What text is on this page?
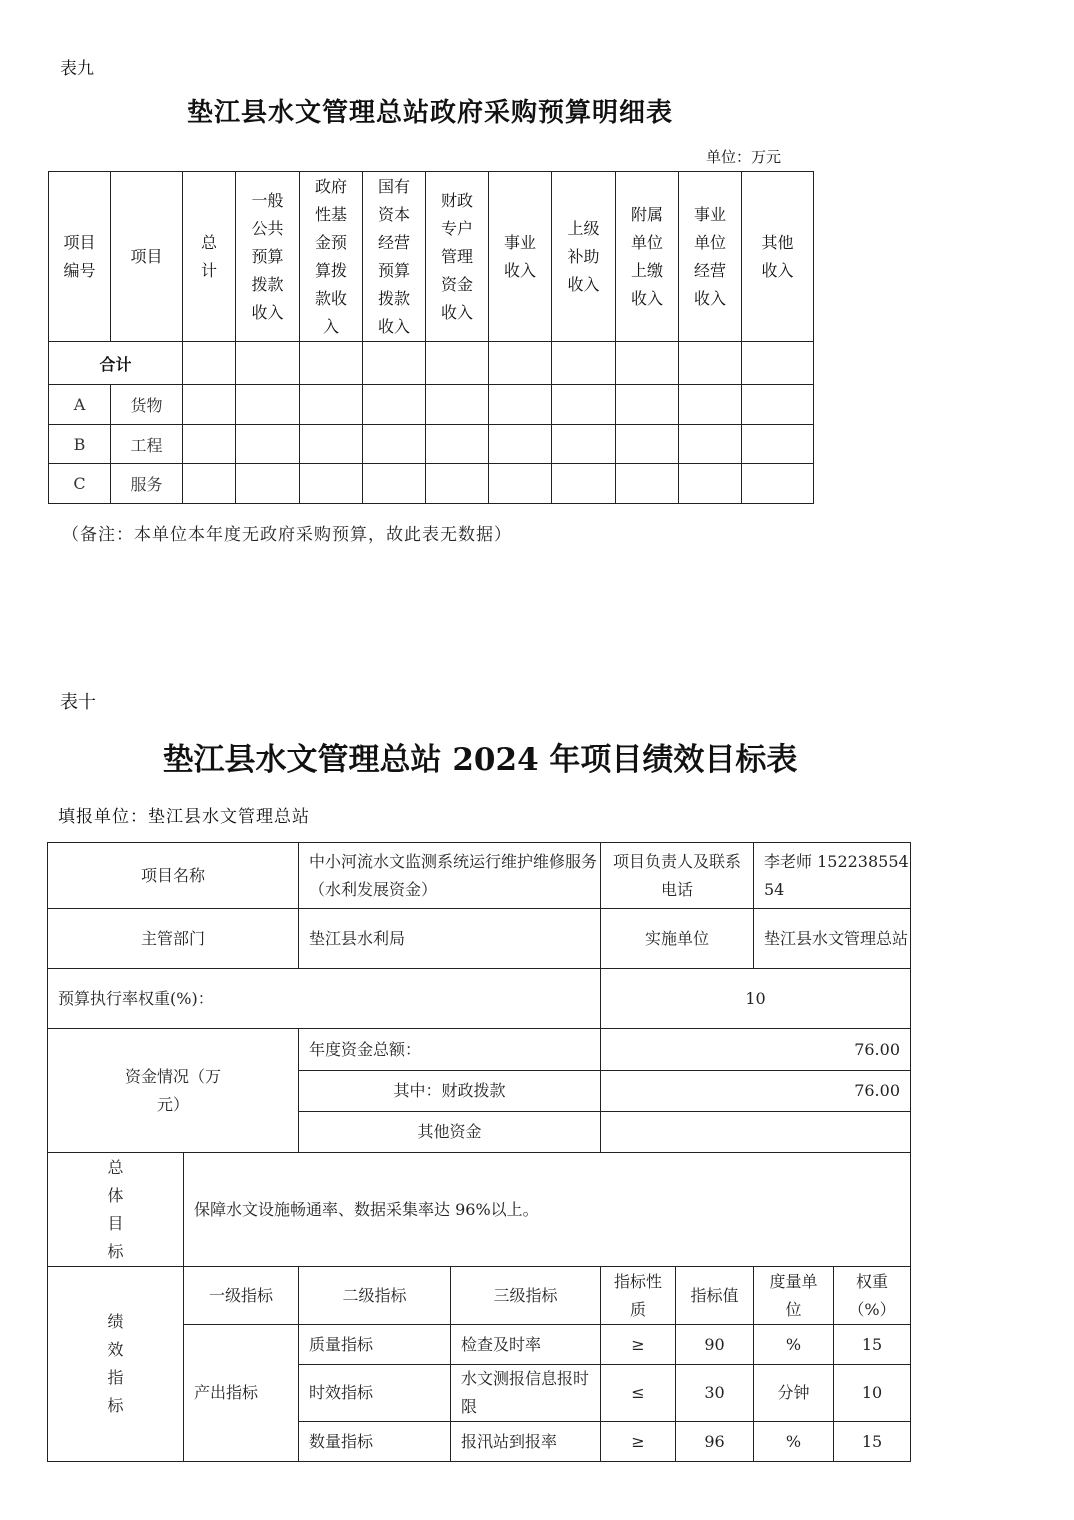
表九
垫江县水文管理总站政府采购预算明细表
单位：万元
项目编号	项目	总计	一般公共预算拨款收入	政府性基金预算拨款收入	国有资本经营预算拨款收入	财政专户管理资金收入	事业收入	上级补助收入	附属单位上缴收入	事业单位经营收入	其他收入
合计											
A	货物										
B	工程										
C	服务										
（备注：本单位本年度无政府采购预算，故此表无数据）
表十
垫江县水文管理总站 2024 年项目绩效目标表
填报单位：垫江县水文管理总站
项目名称		中小河流水文监测系统运行维护维修服务（水利发展资金）		项目负责人及联系电话		李老师 15223855454	
主管部门		垫江县水利局		实施单位		垫江县水文管理总站	
预算执行率权重(%)：				10			
资金情况（万元）		年度资金总额：		76.00			
		其中：财政拨款		76.00			
		其他资金					
总体目标	保障水文设施畅通率、数据采集率达 96%以上。						
绩效指标	一级指标	二级指标	三级指标	指标性质	指标值	度量单位	权重（%）
	产出指标	质量指标	检查及时率	≥	90	%	15
		时效指标	水文测报信息报时限	≤	30	分钟	10
		数量指标	报汛站到报率	≥	96	%	15
